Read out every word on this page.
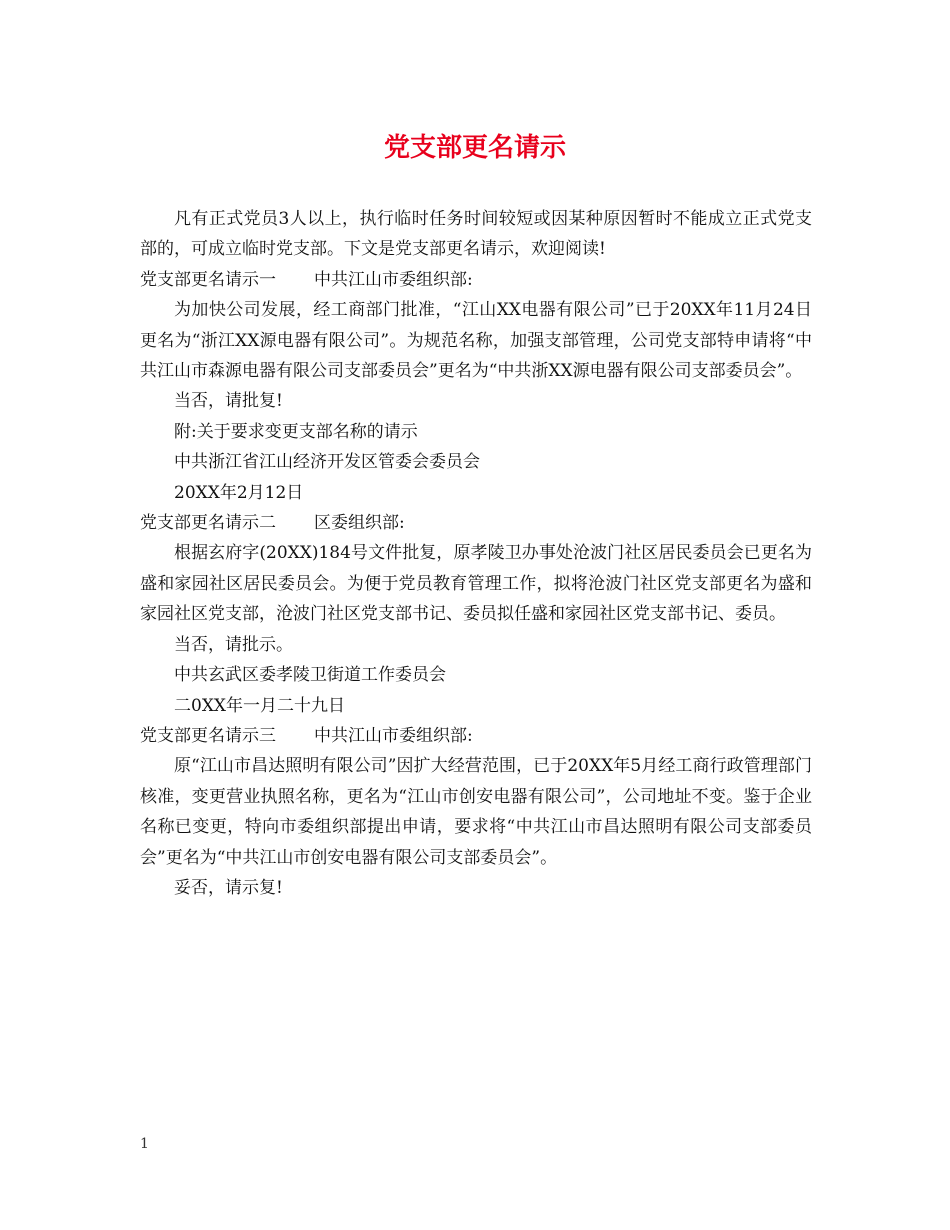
党支部更名请示

凡有正式党员3人以上，执行临时任务时间较短或因某种原因暂时不能成立正式党支部的，可成立临时党支部。下文是党支部更名请示，欢迎阅读!

党支部更名请示一 中共江山市委组织部:

为加快公司发展，经工商部门批准，“江山XX电器有限公司”已于20XX年11月24日更名为“浙江XX源电器有限公司”。为规范名称，加强支部管理，公司党支部特申请将“中共江山市森源电器有限公司支部委员会”更名为“中共浙XX源电器有限公司支部委员会”。

当否，请批复!

附:关于要求变更支部名称的请示

中共浙江省江山经济开发区管委会委员会

20XX年2月12日

党支部更名请示二 区委组织部:

根据玄府字(20XX)184号文件批复，原孝陵卫办事处沧波门社区居民委员会已更名为盛和家园社区居民委员会。为便于党员教育管理工作，拟将沧波门社区党支部更名为盛和家园社区党支部，沧波门社区党支部书记、委员拟任盛和家园社区党支部书记、委员。

当否，请批示。

中共玄武区委孝陵卫街道工作委员会

二0XX年一月二十九日

党支部更名请示三 中共江山市委组织部:

原“江山市昌达照明有限公司”因扩大经营范围，已于20XX年5月经工商行政管理部门核准，变更营业执照名称，更名为“江山市创安电器有限公司”，公司地址不变。鉴于企业名称已变更，特向市委组织部提出申请，要求将“中共江山市昌达照明有限公司支部委员会”更名为“中共江山市创安电器有限公司支部委员会”。

妥否，请示复!

1
